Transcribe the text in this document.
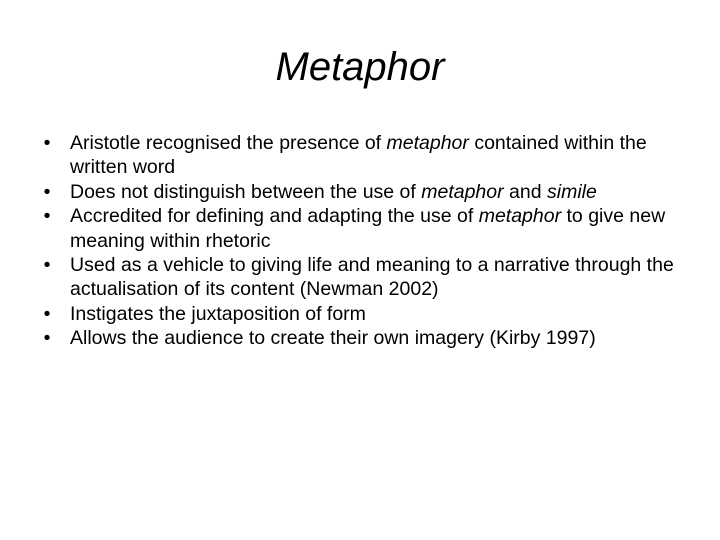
Metaphor
• Aristotle recognised the presence of metaphor contained within the written word
• Does not distinguish between the use of metaphor and simile
• Accredited for defining and adapting the use of metaphor to give new meaning within rhetoric
• Used as a vehicle to giving life and meaning to a narrative through the actualisation of its content (Newman 2002)
• Instigates the juxtaposition of form
• Allows the audience to create their own imagery (Kirby 1997)
